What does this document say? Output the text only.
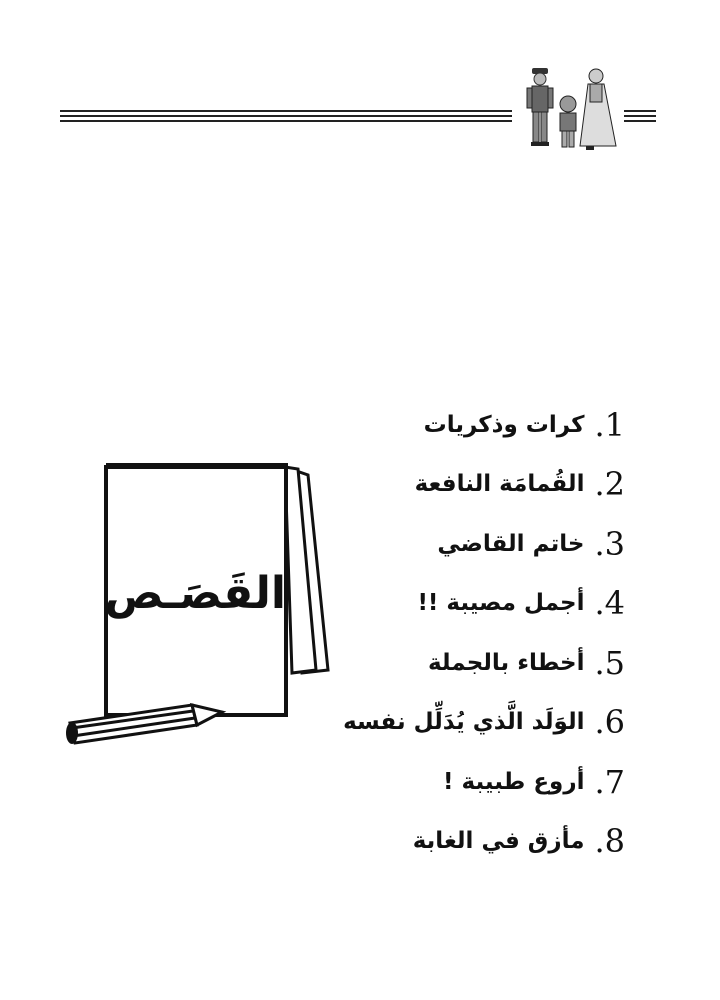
القَصَـص
1.
كرات وذكريات
2.
القُمامَة النافعة
3.
خاتم القاضي
4.
أجمل مصيبة !!
5.
أخطاء بالجملة
6.
الوَلَد الَّذي يُدَلِّل نفسه
7.
أروع طبيبة !
8.
مأزق في الغابة
